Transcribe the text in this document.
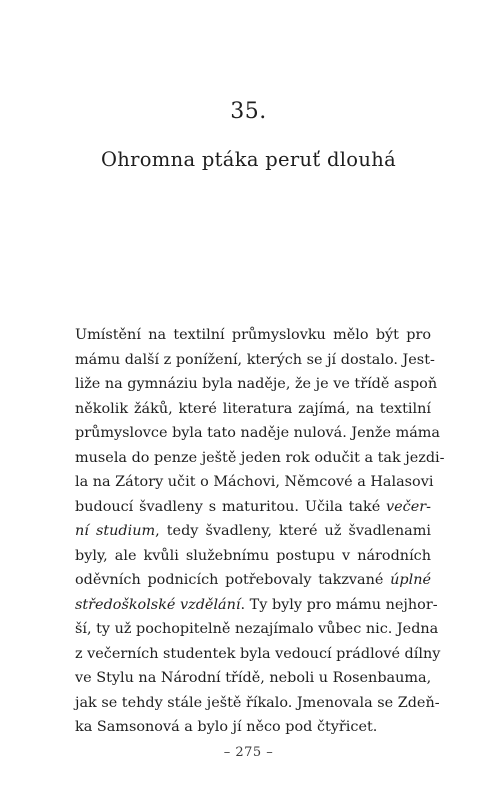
35.
Ohromna ptáka peruť dlouhá
Umístění na textilní průmyslovku mělo být pro
mámu další z ponížení, kterých se jí dostalo. Jest-
liže na gymnáziu byla naděje, že je ve třídě aspoň
několik žáků, které literatura zajímá, na textilní
průmyslovce byla tato naděje nulová. Jenže máma
musela do penze ještě jeden rok odučit a tak jezdi-
la na Zátory učit o Máchovi, Němcové a Halasovi
budoucí švadleny s maturitou. Učila také večer-
ní studium, tedy švadleny, které už švadlenami
byly, ale kvůli služebnímu postupu v národních
oděvních podnicích potřebovaly takzvané úplné
středoškolské vzdělání. Ty byly pro mámu nejhor-
ší, ty už pochopitelně nezajímalo vůbec nic. Jedna
z večerních studentek byla vedoucí prádlové dílny
ve Stylu na Národní třídě, neboli u Rosenbauma,
jak se tehdy stále ještě říkalo. Jmenovala se Zdeň-
ka Samsonová a bylo jí něco pod čtyřicet.
– 275 –
